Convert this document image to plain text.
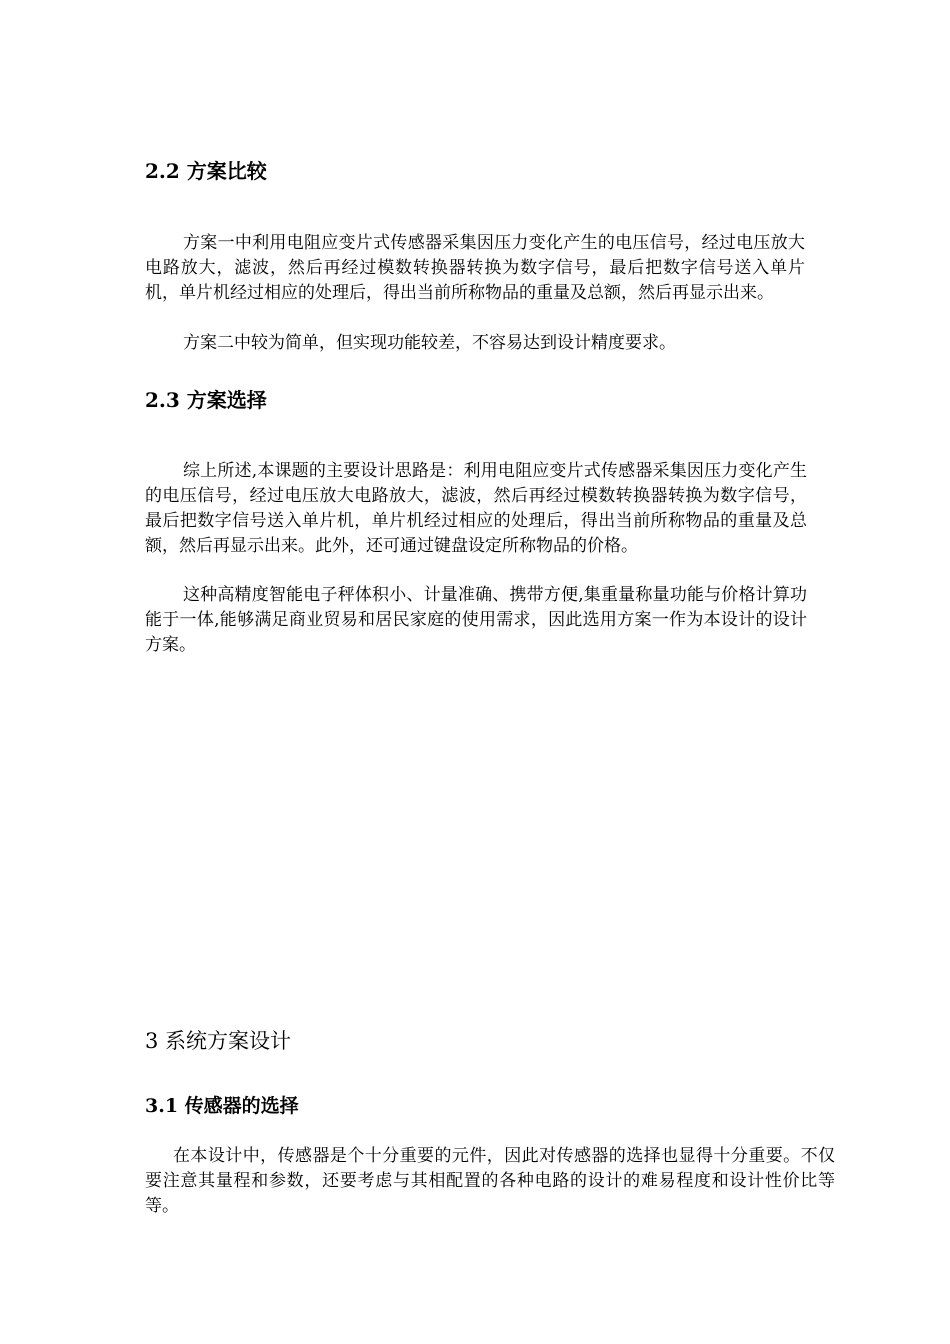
2.2 方案比较

方案一中利用电阻应变片式传感器采集因压力变化产生的电压信号，经过电压放大电路放大，滤波，然后再经过模数转换器转换为数字信号，最后把数字信号送入单片机，单片机经过相应的处理后，得出当前所称物品的重量及总额，然后再显示出来。

方案二中较为简单，但实现功能较差，不容易达到设计精度要求。

2.3 方案选择

综上所述,本课题的主要设计思路是：利用电阻应变片式传感器采集因压力变化产生的电压信号，经过电压放大电路放大，滤波，然后再经过模数转换器转换为数字信号，最后把数字信号送入单片机，单片机经过相应的处理后，得出当前所称物品的重量及总额，然后再显示出来。此外，还可通过键盘设定所称物品的价格。

这种高精度智能电子秤体积小、计量准确、携带方便,集重量称量功能与价格计算功能于一体,能够满足商业贸易和居民家庭的使用需求，因此选用方案一作为本设计的设计方案。

3 系统方案设计
3.1 传感器的选择

在本设计中，传感器是个十分重要的元件，因此对传感器的选择也显得十分重要。不仅要注意其量程和参数，还要考虑与其相配置的各种电路的设计的难易程度和设计性价比等等。
